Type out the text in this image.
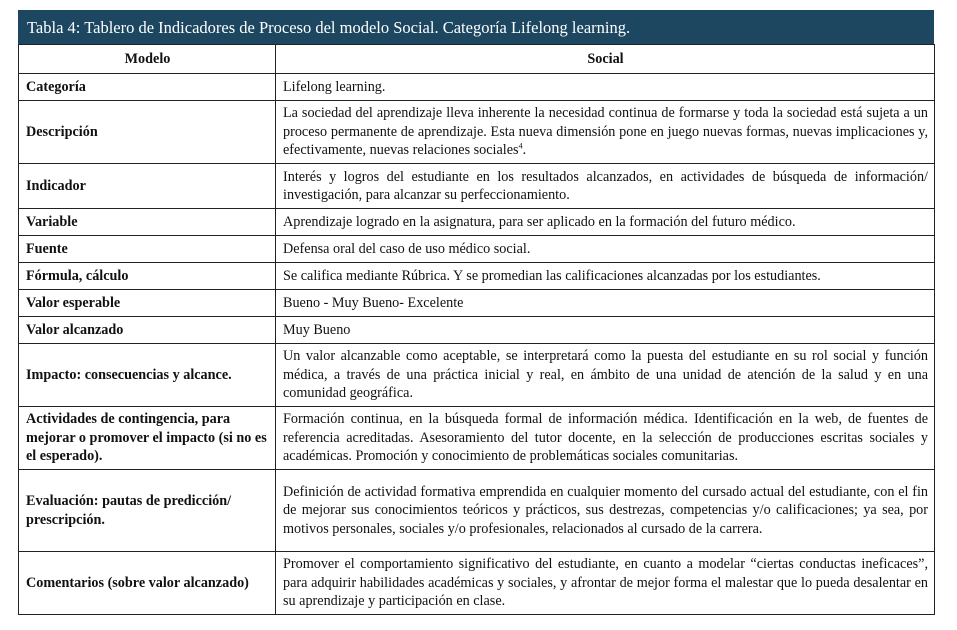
Tabla 4: Tablero de Indicadores de Proceso del modelo Social. Categoría Lifelong learning.
Modelo	Social
Categoría	Lifelong learning.
Descripción	La sociedad del aprendizaje lleva inherente la necesidad continua de formarse y toda la sociedad está sujeta a un proceso permanente de aprendizaje. Esta nueva dimensión pone en juego nuevas formas, nuevas implicaciones y, efectivamente, nuevas relaciones sociales$^4$.
Indicador	Interés y logros del estudiante en los resultados alcanzados, en actividades de búsqueda de información/ investigación, para alcanzar su perfeccionamiento.
Variable	Aprendizaje logrado en la asignatura, para ser aplicado en la formación del futuro médico.
Fuente	Defensa oral del caso de uso médico social.
Fórmula, cálculo	Se califica mediante Rúbrica. Y se promedian las calificaciones alcanzadas por los estudiantes.
Valor esperable	Bueno - Muy Bueno- Excelente
Valor alcanzado	Muy Bueno
Impacto: consecuencias y alcance.	Un valor alcanzable como aceptable, se interpretará como la puesta del estudiante en su rol social y función médica, a través de una práctica inicial y real, en ámbito de una unidad de atención de la salud y en una comunidad geográfica.
Actividades de contingencia, para mejorar o promover el impacto (si no es el esperado).	Formación continua, en la búsqueda formal de información médica. Identificación en la web, de fuentes de referencia acreditadas. Asesoramiento del tutor docente, en la selección de producciones escritas sociales y académicas. Promoción y conocimiento de problemáticas sociales comunitarias.
Evaluación: pautas de predicción/ prescripción.	Definición de actividad formativa emprendida en cualquier momento del cursado actual del estudiante, con el fin de mejorar sus conocimientos teóricos y prácticos, sus destrezas, competencias y/o calificaciones; ya sea, por motivos personales, sociales y/o profesionales, relacionados al cursado de la carrera.
Comentarios (sobre valor alcanzado)	Promover el comportamiento significativo del estudiante, en cuanto a modelar “ciertas conductas ineficaces”, para adquirir habilidades académicas y sociales, y afrontar de mejor forma el malestar que lo pueda desalentar en su aprendizaje y participación en clase.
